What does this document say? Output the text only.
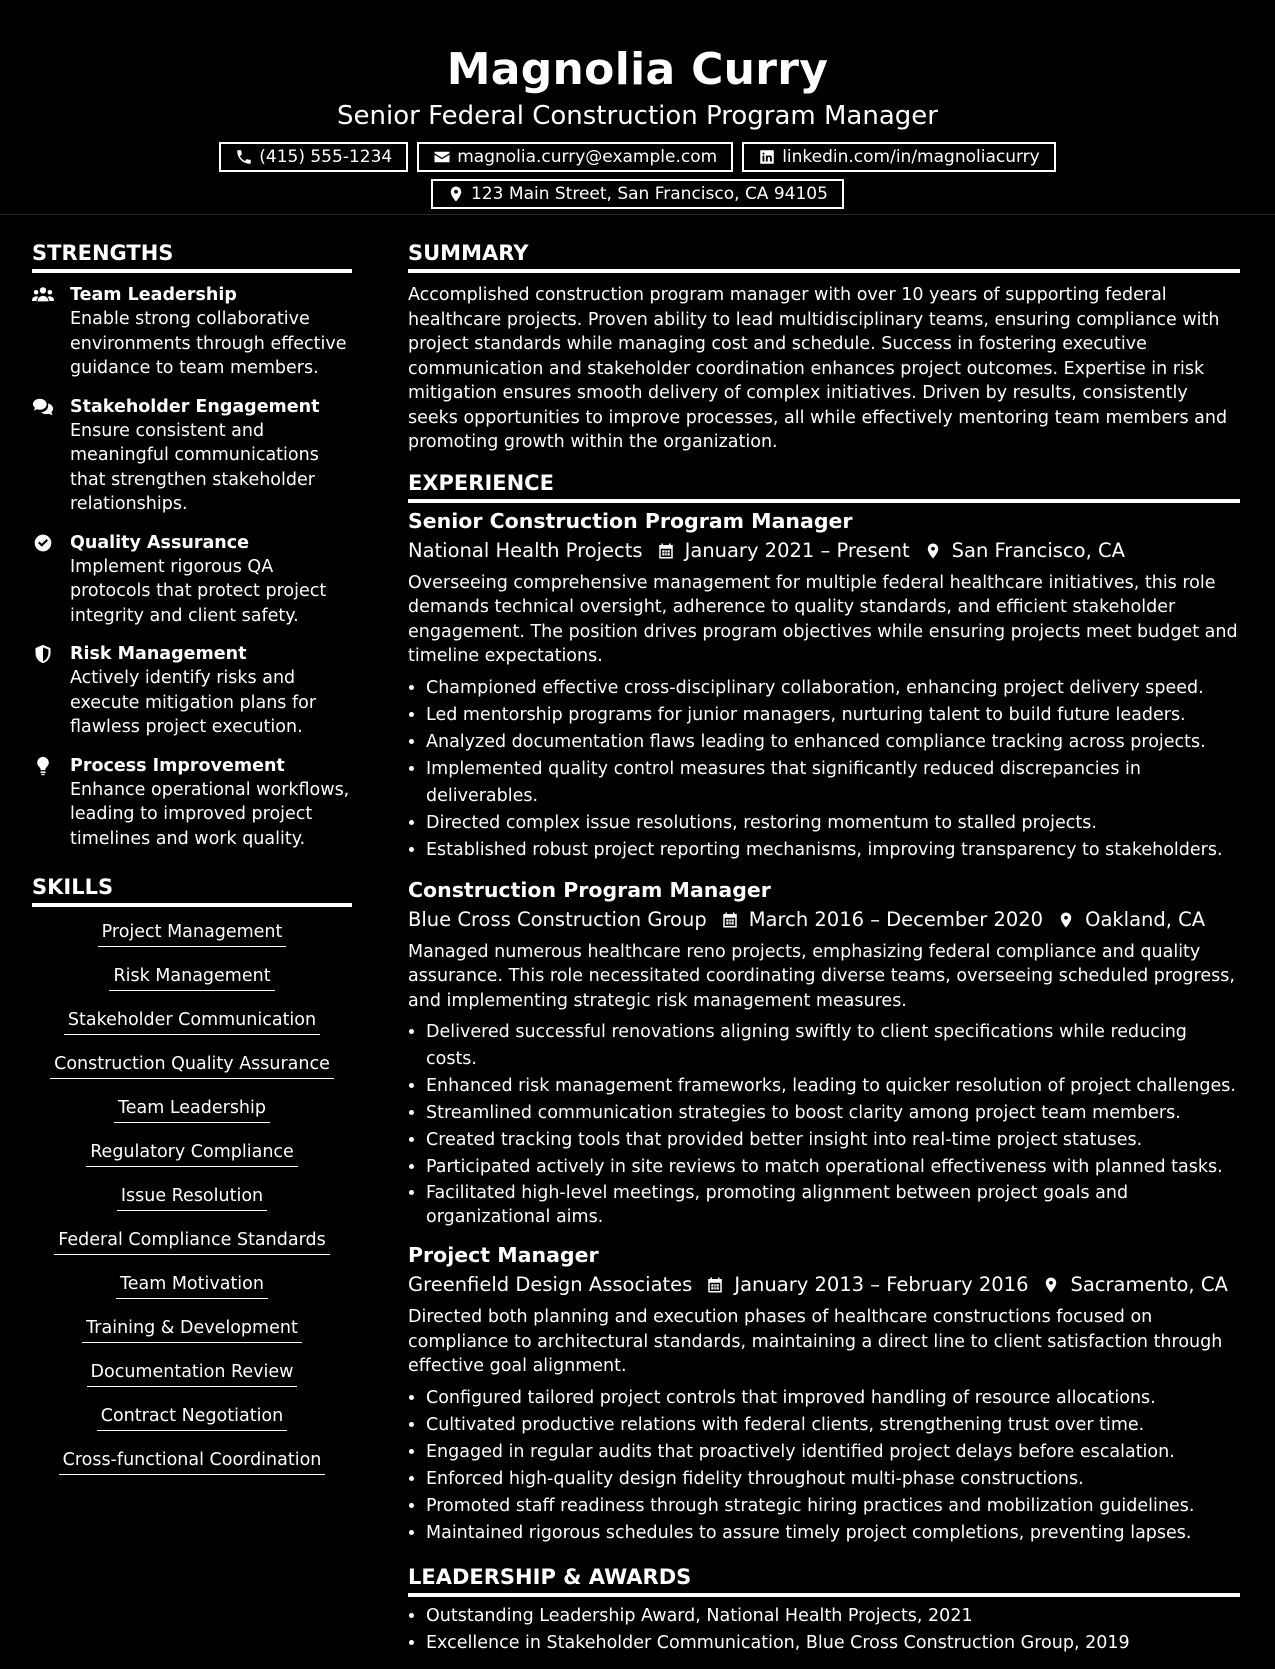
Magnolia Curry
Senior Federal Construction Program Manager
(415) 555-1234	magnolia.curry@example.com	linkedin.com/in/magnoliacurry
123 Main Street, San Francisco, CA 94105
STRENGTHS
Team Leadership
Enable strong collaborative environments through effective guidance to team members.
Stakeholder Engagement
Ensure consistent and meaningful communications that strengthen stakeholder relationships.
Quality Assurance
Implement rigorous QA protocols that protect project integrity and client safety.
Risk Management
Actively identify risks and execute mitigation plans for flawless project execution.
Process Improvement
Enhance operational workflows, leading to improved project timelines and work quality.
SKILLS
Project Management
Risk Management
Stakeholder Communication
Construction Quality Assurance
Team Leadership
Regulatory Compliance
Issue Resolution
Federal Compliance Standards
Team Motivation
Training & Development
Documentation Review
Contract Negotiation
Cross-functional Coordination
SUMMARY

Accomplished construction program manager with over 10 years of supporting federal healthcare projects. Proven ability to lead multidisciplinary teams, ensuring compliance with project standards while managing cost and schedule. Success in fostering executive communication and stakeholder coordination enhances project outcomes. Expertise in risk mitigation ensures smooth delivery of complex initiatives. Driven by results, consistently seeks opportunities to improve processes, all while effectively mentoring team members and promoting growth within the organization.

EXPERIENCE
Senior Construction Program Manager
National Health Projects January 2021 – Present San Francisco, CA

Overseeing comprehensive management for multiple federal healthcare initiatives, this role demands technical oversight, adherence to quality standards, and efficient stakeholder engagement. The position drives program objectives while ensuring projects meet budget and timeline expectations.

• Championed effective cross-disciplinary collaboration, enhancing project delivery speed.
• Led mentorship programs for junior managers, nurturing talent to build future leaders.
• Analyzed documentation flaws leading to enhanced compliance tracking across projects.
• Implemented quality control measures that significantly reduced discrepancies in deliverables.
• Directed complex issue resolutions, restoring momentum to stalled projects.
• Established robust project reporting mechanisms, improving transparency to stakeholders.
Construction Program Manager
Blue Cross Construction Group March 2016 – December 2020 Oakland, CA

Managed numerous healthcare reno projects, emphasizing federal compliance and quality assurance. This role necessitated coordinating diverse teams, overseeing scheduled progress, and implementing strategic risk management measures.

• Delivered successful renovations aligning swiftly to client specifications while reducing costs.
• Enhanced risk management frameworks, leading to quicker resolution of project challenges.
• Streamlined communication strategies to boost clarity among project team members.
• Created tracking tools that provided better insight into real-time project statuses.
• Participated actively in site reviews to match operational effectiveness with planned tasks.
• Facilitated high-level meetings, promoting alignment between project goals and organizational aims.
Project Manager
Greenfield Design Associates January 2013 – February 2016 Sacramento, CA

Directed both planning and execution phases of healthcare constructions focused on compliance to architectural standards, maintaining a direct line to client satisfaction through effective goal alignment.

• Configured tailored project controls that improved handling of resource allocations.
• Cultivated productive relations with federal clients, strengthening trust over time.
• Engaged in regular audits that proactively identified project delays before escalation.
• Enforced high-quality design fidelity throughout multi-phase constructions.
• Promoted staff readiness through strategic hiring practices and mobilization guidelines.
• Maintained rigorous schedules to assure timely project completions, preventing lapses.
LEADERSHIP & AWARDS
• Outstanding Leadership Award, National Health Projects, 2021
• Excellence in Stakeholder Communication, Blue Cross Construction Group, 2019
